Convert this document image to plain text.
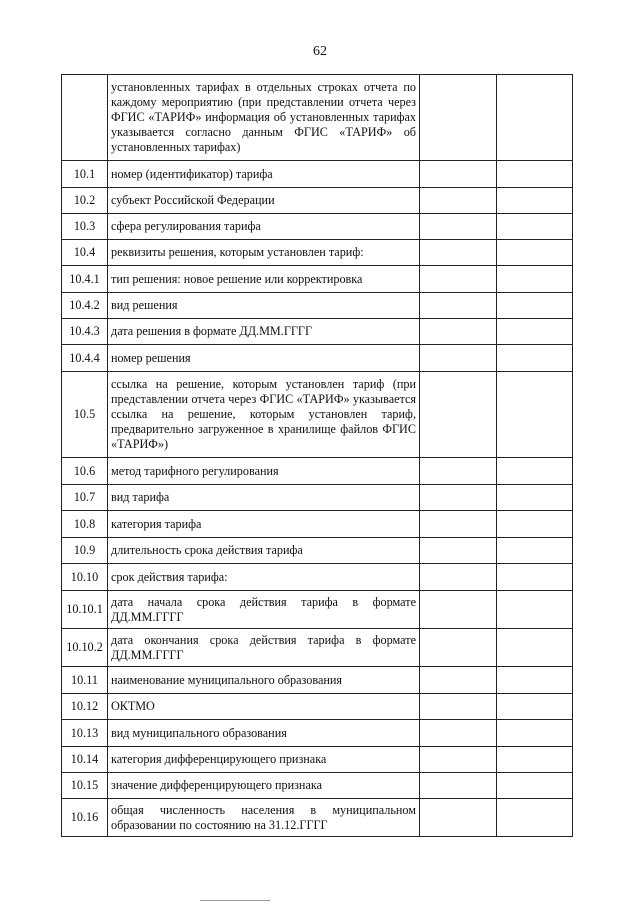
62
	установленных тарифах в отдельных строках отчета по каждому мероприятию (при представлении отчета через ФГИС «ТАРИФ» информация об установленных тарифах указывается согласно данным ФГИС «ТАРИФ» об установленных тарифах)		
10.1	номер (идентификатор) тарифа		
10.2	субъект Российской Федерации		
10.3	сфера регулирования тарифа		
10.4	реквизиты решения, которым установлен тариф:		
10.4.1	тип решения: новое решение или корректировка		
10.4.2	вид решения		
10.4.3	дата решения в формате ДД.ММ.ГГГГ		
10.4.4	номер решения		
10.5	ссылка на решение, которым установлен тариф (при представлении отчета через ФГИС «ТАРИФ» указывается ссылка на решение, которым установлен тариф, предварительно загруженное в хранилище файлов ФГИС «ТАРИФ»)		
10.6	метод тарифного регулирования		
10.7	вид тарифа		
10.8	категория тарифа		
10.9	длительность срока действия тарифа		
10.10	срок действия тарифа:		
10.10.1	дата начала срока действия тарифа в формате ДД.ММ.ГГГГ		
10.10.2	дата окончания срока действия тарифа в формате ДД.ММ.ГГГГ		
10.11	наименование муниципального образования		
10.12	ОКТМО		
10.13	вид муниципального образования		
10.14	категория дифференцирующего признака		
10.15	значение дифференцирующего признака		
10.16	общая численность населения в муниципальном образовании по состоянию на 31.12.ГГГГ		
